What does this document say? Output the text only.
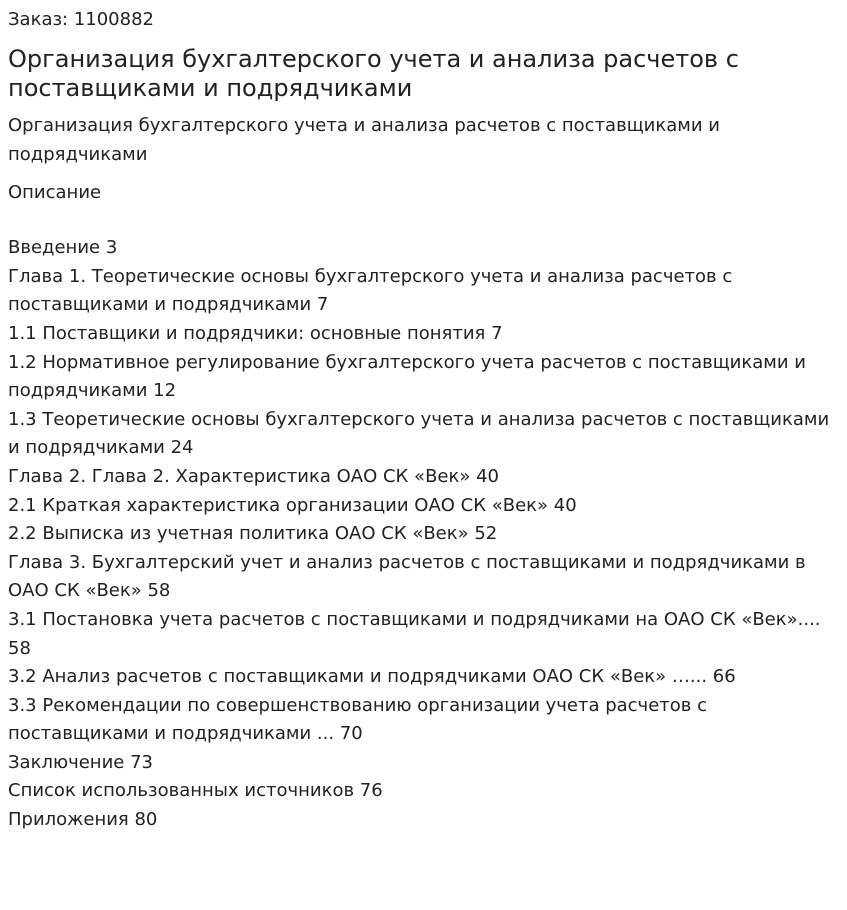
Заказ: 1100882
Организация бухгалтерского учета и анализа расчетов с поставщиками и подрядчиками
Организация бухгалтерского учета и анализа расчетов с поставщиками и подрядчиками
Описание
Введение 3
Глава 1. Теоретические основы бухгалтерского учета и анализа расчетов с поставщиками и подрядчиками 7
1.1 Поставщики и подрядчики: основные понятия 7
1.2 Нормативное регулирование бухгалтерского учета расчетов с поставщиками и подрядчиками 12
1.3 Теоретические основы бухгалтерского учета и анализа расчетов с поставщиками и подрядчиками 24
Глава 2. Глава 2. Характеристика ОАО СК «Век» 40
2.1 Краткая характеристика организации ОАО СК «Век» 40
2.2 Выписка из учетная политика ОАО СК «Век» 52
Глава 3. Бухгалтерский учет и анализ расчетов с поставщиками и подрядчиками в ОАО СК «Век» 58
3.1 Постановка учета расчетов с поставщиками и подрядчиками на ОАО СК «Век».... 58
3.2 Анализ расчетов с поставщиками и подрядчиками ОАО СК «Век» …... 66
3.3 Рекомендации по совершенствованию организации учета расчетов с поставщиками и подрядчиками ... 70
Заключение 73
Список использованных источников 76
Приложения 80
